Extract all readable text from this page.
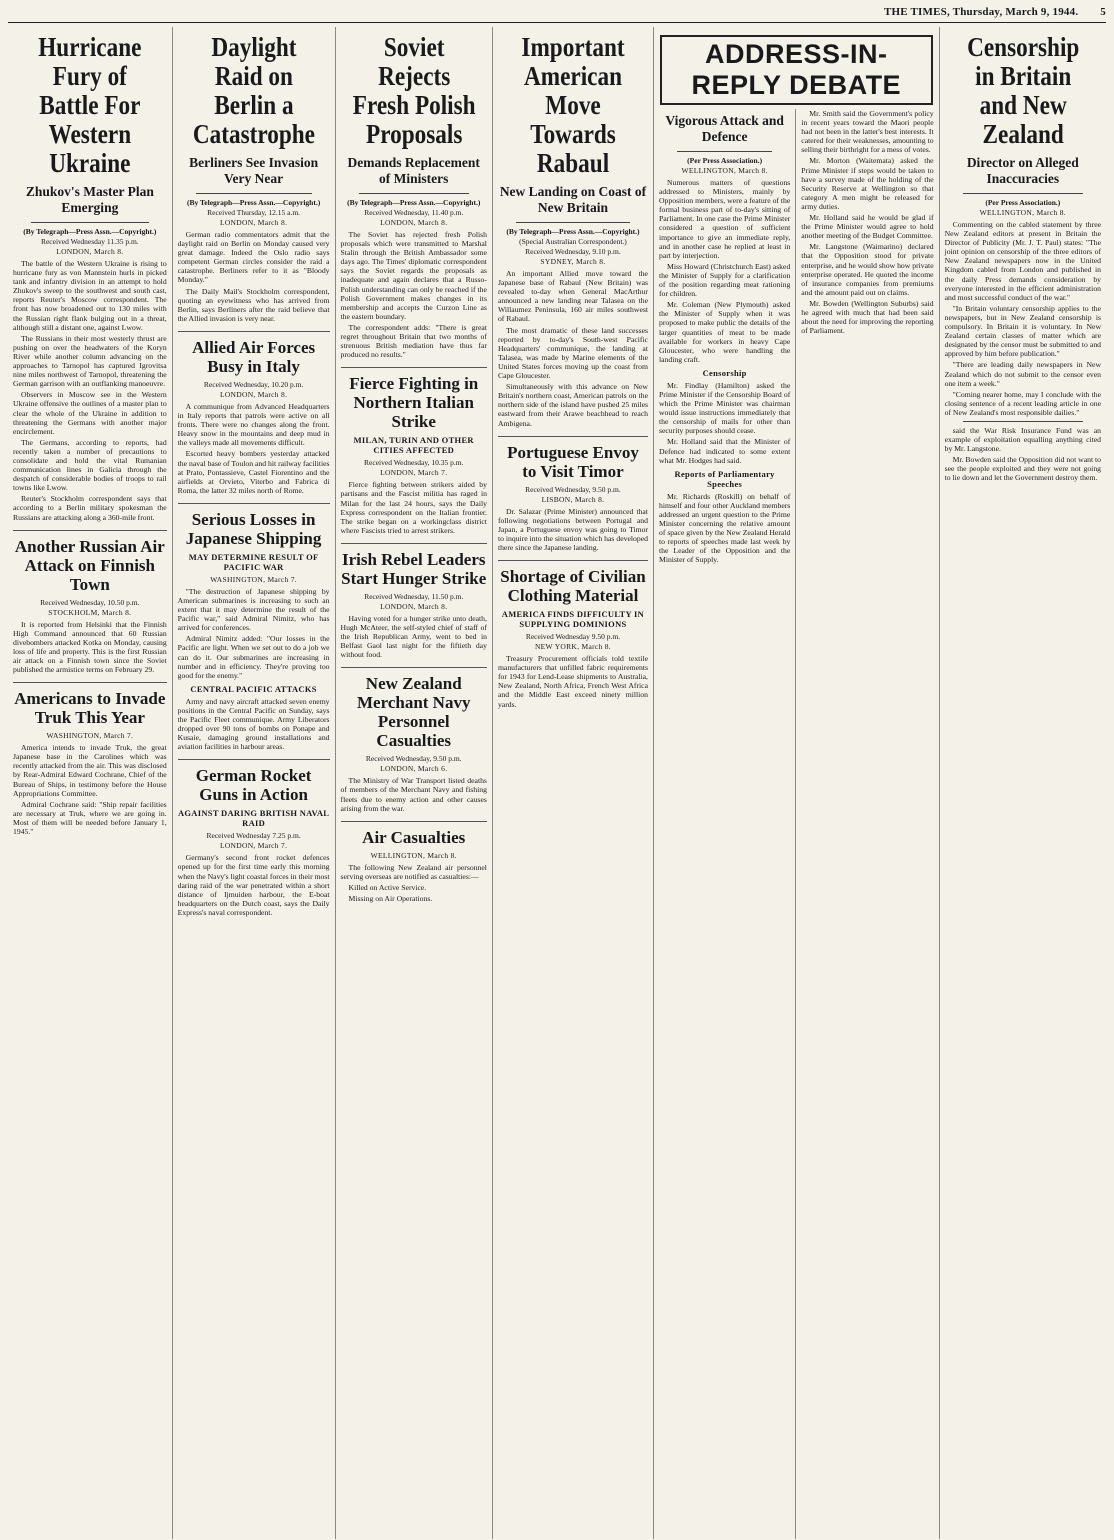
THE TIMES, Thursday, March 9, 1944. 5
Hurricane Fury of Battle For Western Ukraine
Zhukov's Master Plan Emerging
(By Telegraph—Press Assn.—Copyright.)
Received Wednesday 11.35 p.m.
LONDON, March 8.

The battle of the Western Ukraine is rising to hurricane fury as von Mannstein hurls in picked tank and infantry division in an attempt to hold Zhukov's sweep to the southwest and south cast, reports Reuter's Moscow correspondent. The front has now broadened out to 130 miles with the Russian right flank bulging out in a threat, although still a distant one, against Lwow.

The Russians in their most westerly thrust are pushing on over the headwaters of the Koryn River while another column advancing on the approaches to Tarnopol has captured Igrovitsa nine miles northwest of Tarnopol, threatening the German garrison with an outflanking manoeuvre.

Observers in Moscow see in the Western Ukraine offensive the outlines of a master plan to clear the whole of the Ukraine in addition to threatening the Germans with another major encirclement.

The Germans, according to reports, had recently taken a number of precautions to consolidate and hold the vital Rumanian communication lines in Galicia through the despatch of considerable bodies of troops to rail towns like Lwow.

Reuter's Stockholm correspondent says that according to a Berlin military spokesman the Russians are attacking along a 360-mile front.

Another Russian Air Attack on Finnish Town
Received Wednesday, 10.50 p.m.
STOCKHOLM, March 8.

It is reported from Helsinki that the Finnish High Command announced that 60 Russian divebombers attacked Kotka on Monday, causing loss of life and property. This is the first Russian air attack on a Finnish town since the Soviet published the armistice terms on February 29.

Americans to Invade Truk This Year
WASHINGTON, March 7.

America intends to invade Truk, the great Japanese base in the Carolines which was recently attacked from the air. This was disclosed by Rear-Admiral Edward Cochrane, Chief of the Bureau of Ships, in testimony before the House Appropriations Committee.

Admiral Cochrane said: "Ship repair facilities are necessary at Truk, where we are going in. Most of them will be needed before January 1, 1945."

Daylight Raid on Berlin a Catastrophe
Berliners See Invasion Very Near
(By Telegraph—Press Assn.—Copyright.)
Received Thursday, 12.15 a.m.
LONDON, March 8.

German radio commentators admit that the daylight raid on Berlin on Monday caused very great damage. Indeed the Oslo radio says competent German circles consider the raid a catastrophe. Berliners refer to it as "Bloody Monday."

The Daily Mail's Stockholm correspondent, quoting an eyewitness who has arrived from Berlin, says Berliners after the raid believe that the Allied invasion is very near.

Allied Air Forces Busy in Italy
Received Wednesday, 10.20 p.m.
LONDON, March 8.

A communique from Advanced Headquarters in Italy reports that patrols were active on all fronts. There were no changes along the front. Heavy snow in the mountains and deep mud in the valleys made all movements difficult.

Escorted heavy bombers yesterday attacked the naval base of Toulon and hit railway facilities at Prato, Pontassieve, Castel Fiorentino and the airfields at Orvieto, Viterbo and Fabrica di Roma, the latter 32 miles north of Rome.

Serious Losses in Japanese Shipping
MAY DETERMINE RESULT OF PACIFIC WAR
WASHINGTON, March 7.

"The destruction of Japanese shipping by American submarines is increasing to such an extent that it may determine the result of the Pacific war," said Admiral Nimitz, who has arrived for conferences.

Admiral Nimitz added: "Our losses in the Pacific are light. When we set out to do a job we can do it. Our submarines are increasing in number and in efficiency. They're proving too good for the enemy."

CENTRAL PACIFIC ATTACKS

Army and navy aircraft attacked seven enemy positions in the Central Pacific on Sunday, says the Pacific Fleet communique. Army Liberators dropped over 90 tons of bombs on Ponape and Kusaie, damaging ground installations and aviation facilities in harbour areas.

German Rocket Guns in Action
AGAINST DARING BRITISH NAVAL RAID
Received Wednesday 7.25 p.m.
LONDON, March 7.

Germany's second front rocket defences opened up for the first time early this morning when the Navy's light coastal forces in their most daring raid of the war penetrated within a short distance of Ijmuiden harbour, the E-boat headquarters on the Dutch coast, says the Daily Express's naval correspondent.

Soviet Rejects Fresh Polish Proposals
Demands Replacement of Ministers
(By Telegraph—Press Assn.—Copyright.)
Received Wednesday, 11.40 p.m.
LONDON, March 8.

The Soviet has rejected fresh Polish proposals which were transmitted to Marshal Stalin through the British Ambassador some days ago. The Times' diplomatic correspondent says the Soviet regards the proposals as inadequate and again declares that a Russo-Polish understanding can only be reached if the Polish Government makes changes in its membership and accepts the Curzon Line as the eastern boundary.

The correspondent adds: "There is great regret throughout Britain that two months of strenuous British mediation have thus far produced no results."

Fierce Fighting in Northern Italian Strike
MILAN, TURIN AND OTHER CITIES AFFECTED
Received Wednesday, 10.35 p.m.
LONDON, March 7.

Fierce fighting between strikers aided by partisans and the Fascist militia has raged in Milan for the last 24 hours, says the Daily Express correspondent on the Italian frontier. The strike began on a workingclass district where Fascists tried to arrest strikers.

Irish Rebel Leaders Start Hunger Strike
Received Wednesday, 11.50 p.m.
LONDON, March 8.

Having voted for a hunger strike unto death, Hugh McAteer, the self-styled chief of staff of the Irish Republican Army, went to bed in Belfast Gaol last night for the fiftieth day without food.

New Zealand Merchant Navy Personnel Casualties
Received Wednesday, 9.50 p.m.
LONDON, March 6.

The Ministry of War Transport listed deaths of members of the Merchant Navy and fishing fleets due to enemy action and other causes arising from the war.

Air Casualties
WELLINGTON, March 8.

The following New Zealand air personnel serving overseas are notified as casualties:—

Killed on Active Service.

Missing on Air Operations.

Important American Move Towards Rabaul
New Landing on Coast of New Britain
(By Telegraph—Press Assn.—Copyright.)
(Special Australian Correspondent.)
Received Wednesday, 9.10 p.m.
SYDNEY, March 8.

An important Allied move toward the Japanese base of Rabaul (New Britain) was revealed to-day when General MacArthur announced a new landing near Talasea on the Willaumez Peninsula, 160 air miles southwest of Rabaul.

The most dramatic of these land successes reported by to-day's South-west Pacific Headquarters' communique, the landing at Talasea, was made by Marine elements of the United States forces moving up the coast from Cape Gloucester.

Simultaneously with this advance on New Britain's northern coast, American patrols on the northern side of the island have pushed 25 miles eastward from their Arawe beachhead to reach Ambigena.

Portuguese Envoy to Visit Timor
Received Wednesday, 9.50 p.m.
LISBON, March 8.

Dr. Salazar (Prime Minister) announced that following negotiations between Portugal and Japan, a Portuguese envoy was going to Timor to inquire into the situation which has developed there since the Japanese landing.

Shortage of Civilian Clothing Material
AMERICA FINDS DIFFICULTY IN SUPPLYING DOMINIONS
Received Wednesday 9.50 p.m.
NEW YORK, March 8.

Treasury Procurement officials told textile manufacturers that unfilled fabric requirements for 1943 for Lend-Lease shipments to Australia, New Zealand, North Africa, French West Africa and the Middle East exceed ninety million yards.

ADDRESS-IN-REPLY DEBATE
Vigorous Attack and Defence
(Per Press Association.)
WELLINGTON, March 8.

Numerous matters of questions addressed to Ministers, mainly by Opposition members, were a feature of the formal business part of to-day's sitting of Parliament. In one case the Prime Minister considered a question of sufficient importance to give an immediate reply, and in another case he replied at least in part by interjection.

Miss Howard (Christchurch East) asked the Minister of Supply for a clarification of the position regarding meat rationing for children.

Mr. Coleman (New Plymouth) asked the Minister of Supply when it was proposed to make public the details of the larger quantities of meat to be made available for workers in heavy Cape Gloucester, who were handling the landing craft.

Censorship

Mr. Findlay (Hamilton) asked the Prime Minister if the Censorship Board of which the Prime Minister was chairman would issue instructions immediately that the censorship of mails for other than security purposes should cease.

Mr. Holland said that the Minister of Defence had indicated to some extent what Mr. Hodges had said.

Reports of Parliamentary Speeches

Mr. Richards (Roskill) on behalf of himself and four other Auckland members addressed an urgent question to the Prime Minister concerning the relative amount of space given by the New Zealand Herald to reports of speeches made last week by the Leader of the Opposition and the Minister of Supply.

Mr. Smith said the Government's policy in recent years toward the Maori people had not been in the latter's best interests. It catered for their weaknesses, amounting to selling their birthright for a mess of votes.

Mr. Morton (Waitemata) asked the Prime Minister if steps would be taken to have a survey made of the holding of the Security Reserve at Wellington so that category A men might be released for army duties.

Mr. Holland said he would be glad if the Prime Minister would agree to hold another meeting of the Budget Committee.

Mr. Langstone (Waimarino) declared that the Opposition stood for private enterprise, and he would show how private enterprise operated. He quoted the income of insurance companies from premiums and the amount paid out on claims.

Mr. Bowden (Wellington Suburbs) said he agreed with much that had been said about the need for improving the reporting of Parliament.

Censorship in Britain and New Zealand
Director on Alleged Inaccuracies
(Per Press Association.)
WELLINGTON, March 8.

Commenting on the cabled statement by three New Zealand editors at present in Britain the Director of Publicity (Mr. J. T. Paul) states: "The joint opinion on censorship of the three editors of New Zealand newspapers now in the United Kingdom cabled from London and published in the daily Press demands consideration by everyone interested in the efficient administration and most successful conduct of the war."

"In Britain voluntary censorship applies to the newspapers, but in New Zealand censorship is compulsory. In Britain it is voluntary. In New Zealand certain classes of matter which are designated by the censor must be submitted to and approved by him before publication."

"There are leading daily newspapers in New Zealand which do not submit to the censor even one item a week."

"Coming nearer home, may I conclude with the closing sentence of a recent leading article in one of New Zealand's most responsible dailies."

said the War Risk Insurance Fund was an example of exploitation equalling anything cited by Mr. Langstone.

Mr. Bowden said the Opposition did not want to see the people exploited and they were not going to lie down and let the Government destroy them.
